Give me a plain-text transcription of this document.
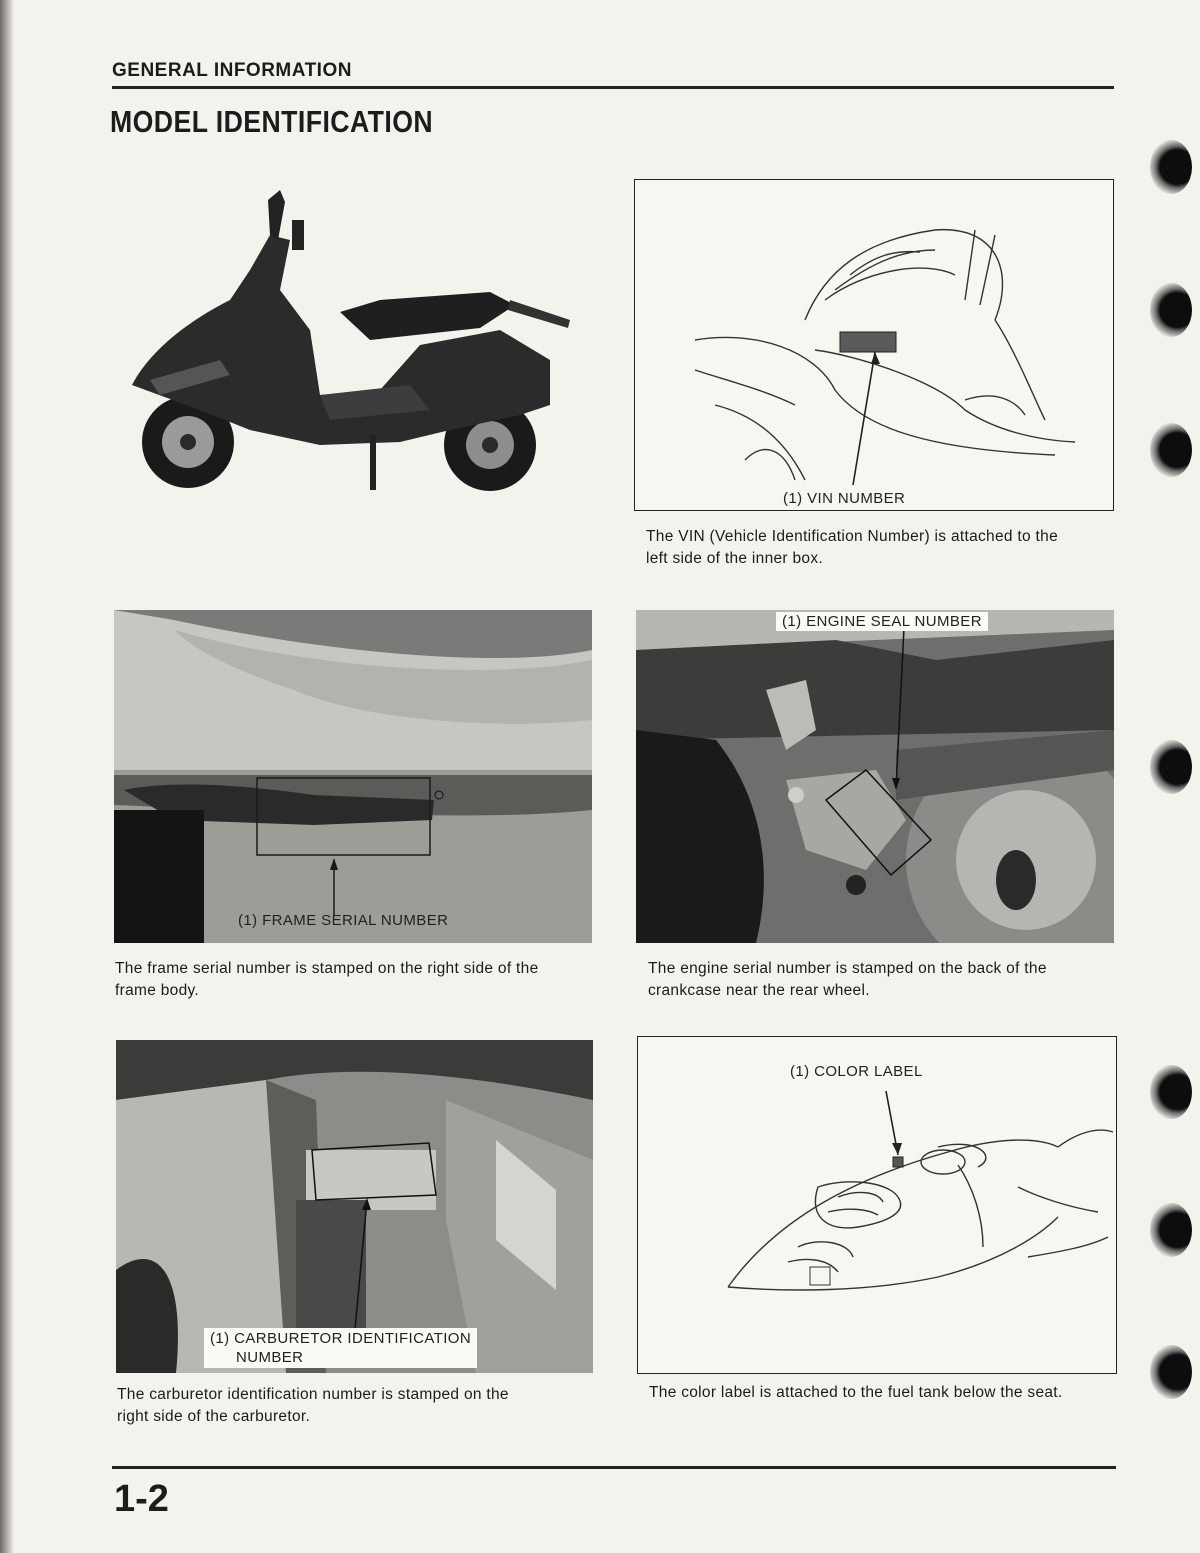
GENERAL INFORMATION
MODEL IDENTIFICATION
(1) VIN NUMBER
The VIN (Vehicle Identification Number) is attached to the
left side of the inner box.
(1) FRAME SERIAL NUMBER
The frame serial number is stamped on the right side of the
frame body.
(1) ENGINE SEAL NUMBER
The engine serial number is stamped on the back of the
crankcase near the rear wheel.
(1) CARBURETOR IDENTIFICATION
NUMBER
The carburetor identification number is stamped on the
right side of the carburetor.
(1) COLOR LABEL
The color label is attached to the fuel tank below the seat.
1-2
